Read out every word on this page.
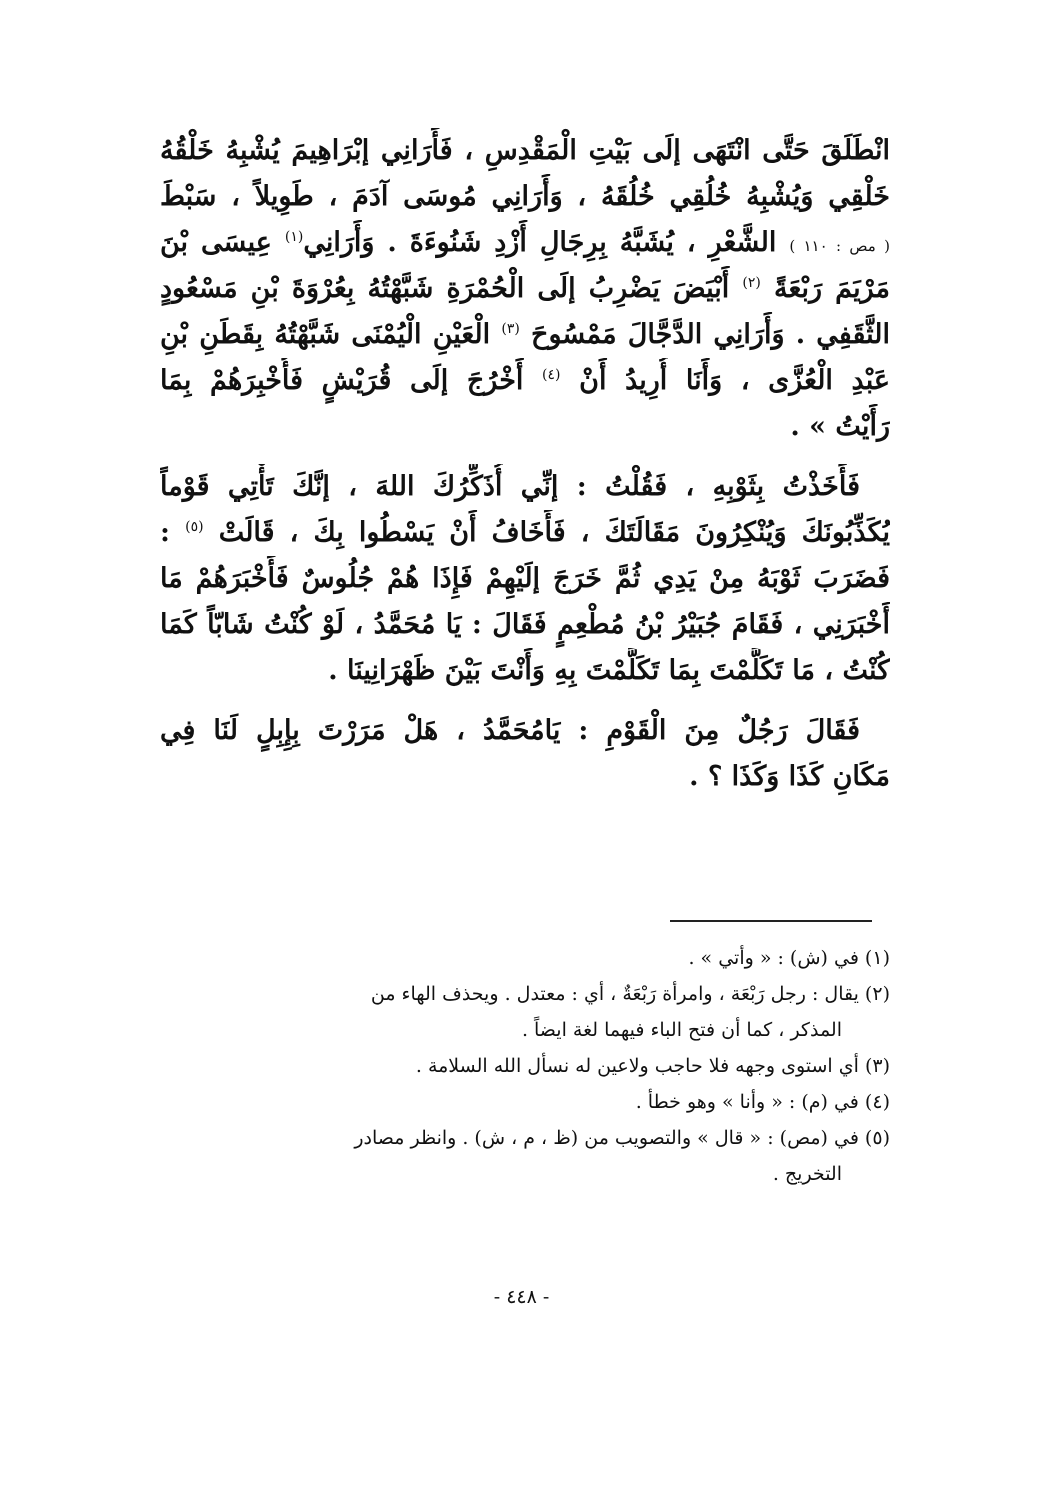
انْطَلَقَ حَتَّى انْتَهَى إلَى بَيْتِ الْمَقْدِسِ ، فَأَرَانِي إبْرَاهِيمَ يُشْبِهُ خَلْقُهُ
خَلْقِي وَيُشْبِهُ خُلُقِي خُلُقَهُ ، وَأَرَانِي مُوسَى آدَمَ ، طَوِيلاً ، سَبْطَ
( مص : ١١٠ ) الشَّعْرِ ، يُشَبَّهُ بِرِجَالِ أَزْدِ شَنُوءَةَ . وَأَرَانِي$^{(١)}$ عِيسَى بْنَ
مَرْيَمَ رَبْعَةً $^{(٢)}$ أَبْيَضَ يَضْرِبُ إلَى الْحُمْرَةِ شَبَّهْتُهُ بِعُرْوَةَ بْنِ مَسْعُودٍ
الثَّقَفِي . وَأَرَانِي الدَّجَّالَ مَمْسُوحَ $^{(٣)}$ الْعَيْنِ الْيُمْنَى شَبَّهْتُهُ بِقَطَنِ بْنِ
عَبْدِ الْعُزَّى ، وَأَنَا أُرِيدُ أَنْ $^{(٤)}$ أَخْرُجَ إلَى قُرَيْشٍ فَأُخْبِرَهُمْ بِمَا
رَأَيْتُ » .
فَأَخَذْتُ بِثَوْبِهِ ، فَقُلْتُ : إنِّي أُذَكِّرُكَ اللهَ ، إنَّكَ تَأْتِي قَوْماً
يُكَذِّبُونَكَ وَيُنْكِرُونَ مَقَالَتَكَ ، فَأَخَافُ أَنْ يَسْطُوا بِكَ ، قَالَتْ $^{(٥)}$ :
فَضَرَبَ ثَوْبَهُ مِنْ يَدِي ثُمَّ خَرَجَ إلَيْهِمْ فَإِذَا هُمْ جُلُوسٌ فَأَخْبَرَهُمْ مَا
أَخْبَرَنِي ، فَقَامَ جُبَيْرُ بْنُ مُطْعِمٍ فَقَالَ : يَا مُحَمَّدُ ، لَوْ كُنْتُ شَابّاً كَمَا
كُنْتُ ، مَا تَكَلَّمْتَ بِمَا تَكَلَّمْتَ بِهِ وَأَنْتَ بَيْنَ ظَهْرَانِينَا .
فَقَالَ رَجُلٌ مِنَ الْقَوْمِ : يَامُحَمَّدُ ، هَلْ مَرَرْتَ بِإِبِلٍ لَنَا فِي
مَكَانِ كَذَا وَكَذَا ؟ .
(١) في (ش) : « وأتي » .
(٢) يقال : رجل رَبْعَة ، وامرأة رَبْعَةٌ ، أي : معتدل . ويحذف الهاء من
المذكر ، كما أن فتح الباء فيهما لغة ايضاً .
(٣) أي استوى وجهه فلا حاجب ولاعين له نسأل الله السلامة .
(٤) في (م) : « وأنا » وهو خطأ .
(٥) في (مص) : « قال » والتصويب من (ظ ، م ، ش) . وانظر مصادر
التخريج .
- ٤٤٨ -
